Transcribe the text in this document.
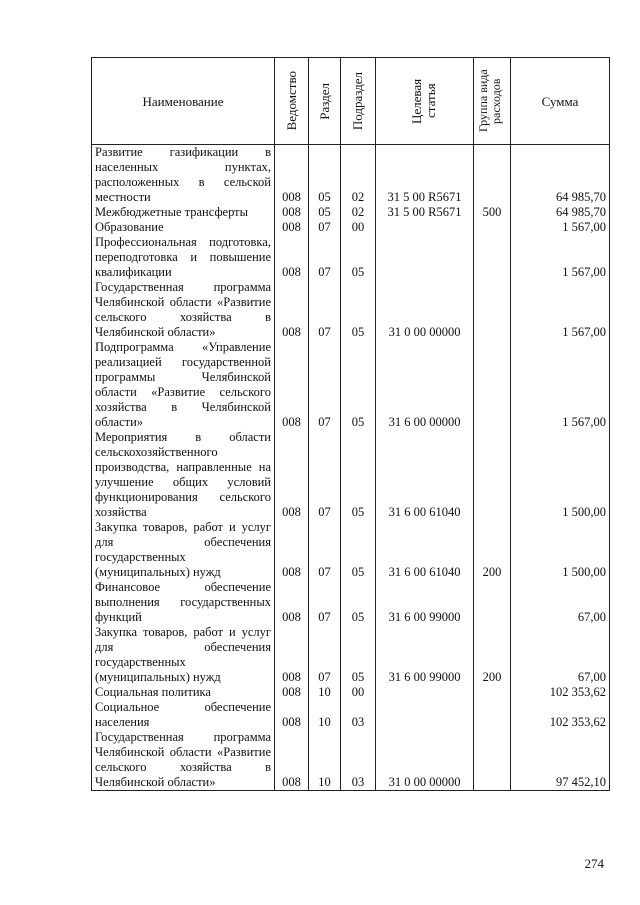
Наименование	Ведомство	Раздел	Подраздел	Целевая статья	Группа вида расходов	Сумма
Развитие газификации в населенных пунктах, расположенных в сельской местности	008	05	02	31 5 00 R5671		64 985,70
Межбюджетные трансферты	008	05	02	31 5 00 R5671	500	64 985,70
Образование	008	07	00			1 567,00
Профессиональная подготовка, переподготовка и повышение квалификации	008	07	05			1 567,00
Государственная программа Челябинской области «Развитие сельского хозяйства в Челябинской области»	008	07	05	31 0 00 00000		1 567,00
Подпрограмма «Управление реализацией государственной программы Челябинской области «Развитие сельского хозяйства в Челябинской области»	008	07	05	31 6 00 00000		1 567,00
Мероприятия в области сельскохозяйственного производства, направленные на улучшение общих условий функционирования сельского хозяйства	008	07	05	31 6 00 61040		1 500,00
Закупка товаров, работ и услуг для обеспечения государственных (муниципальных) нужд	008	07	05	31 6 00 61040	200	1 500,00
Финансовое обеспечение выполнения государственных функций	008	07	05	31 6 00 99000		67,00
Закупка товаров, работ и услуг для обеспечения государственных (муниципальных) нужд	008	07	05	31 6 00 99000	200	67,00
Социальная политика	008	10	00			102 353,62
Социальное обеспечение населения	008	10	03			102 353,62
Государственная программа Челябинской области «Развитие сельского хозяйства в Челябинской области»	008	10	03	31 0 00 00000		97 452,10
274
